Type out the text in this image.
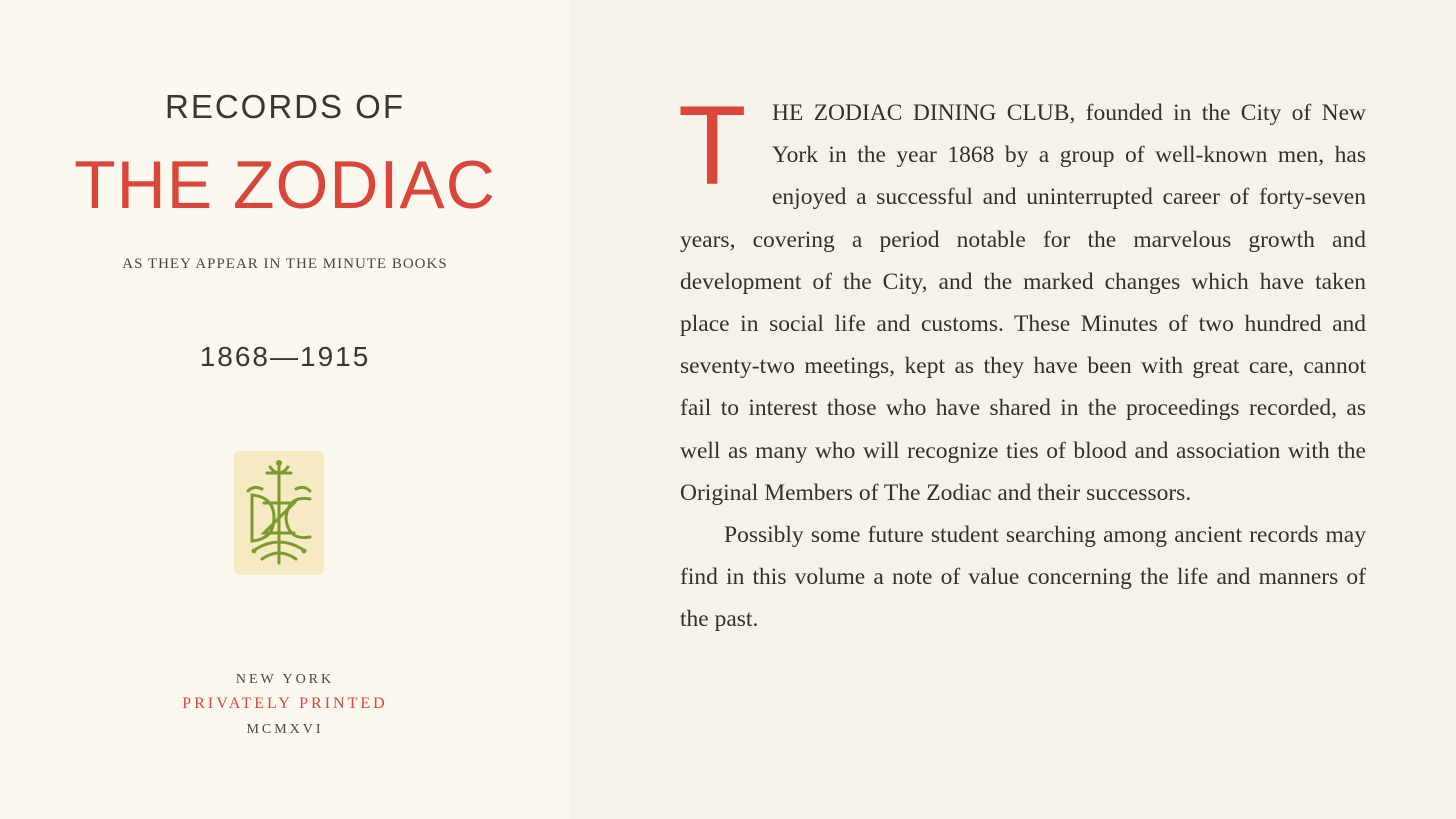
RECORDS OF
THE ZODIAC
AS THEY APPEAR IN THE MINUTE BOOKS
1868—1915
NEW YORK
PRIVATELY PRINTED
MCMXVI

T	HE ZODIAC DINING CLUB, founded in the City of New York in the year 1868 by a group of well-known men, has enjoyed a successful and uninterrupted career of forty-seven years, covering a period notable for the marvelous growth and development of the City, and the marked changes which have taken place in social life and customs. These Minutes of two hundred and seventy-two meetings, kept as they have been with great care, cannot fail to interest those who have shared in the proceedings recorded, as well as many who will recognize ties of blood and association with the Original Members of The Zodiac and their successors.

Possibly some future student searching among ancient records may find in this volume a note of value concerning the life and manners of the past.
